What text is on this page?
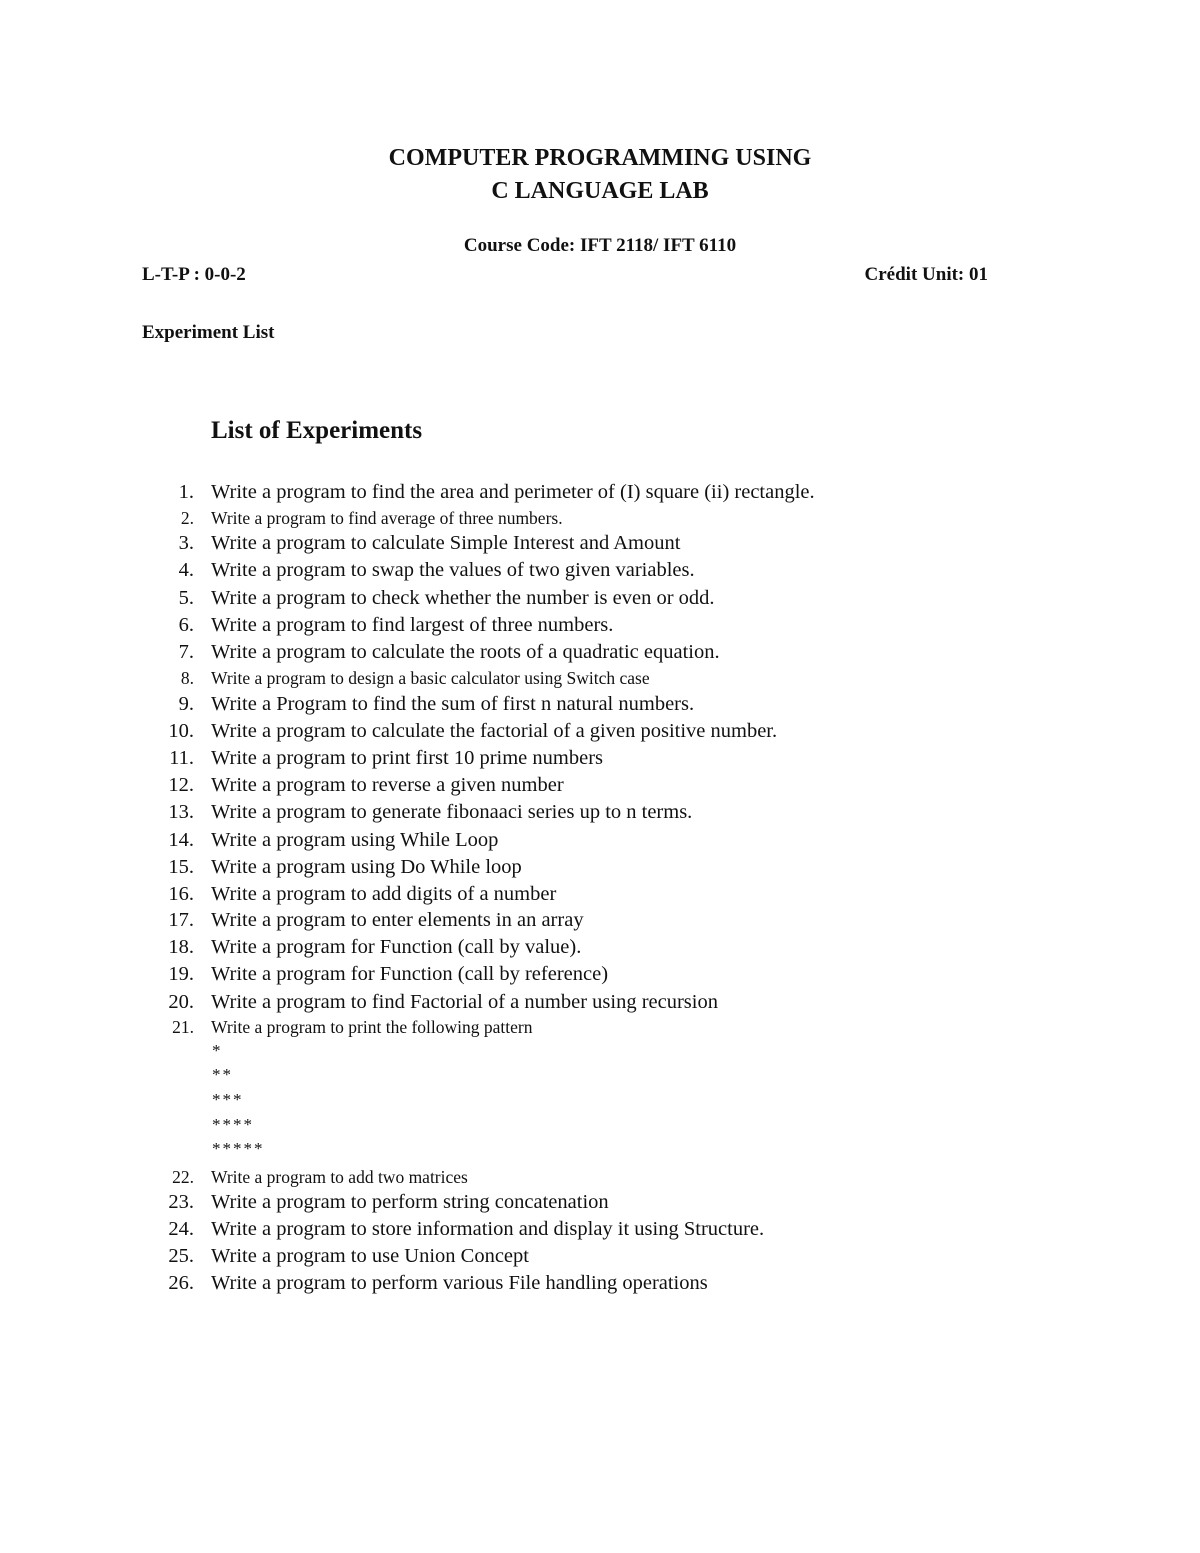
COMPUTER PROGRAMMING USING
C LANGUAGE LAB
Course Code: IFT 2118/ IFT 6110
L-T-P : 0-0-2	Crédit Unit: 01
Experiment List
List of Experiments
1. Write a program to find the area and perimeter of (I) square (ii) rectangle.
2. Write a program to find average of three numbers.
3. Write a program to calculate Simple Interest and Amount
4. Write a program to swap the values of two given variables.
5. Write a program to check whether the number is even or odd.
6. Write a program to find largest of three numbers.
7. Write a program to calculate the roots of a quadratic equation.
8. Write a program to design a basic calculator using Switch case
9. Write a Program to find the sum of first n natural numbers.
10. Write a program to calculate the factorial of a given positive number.
11. Write a program to print first 10 prime numbers
12. Write a program to reverse a given number
13. Write a program to generate fibonaaci series up to n terms.
14. Write a program using While Loop
15. Write a program using Do While loop
16. Write a program to add digits of a number
17. Write a program to enter elements in an array
18. Write a program for Function (call by value).
19. Write a program for Function (call by reference)
20. Write a program to find Factorial of a number using recursion
21. Write a program to print the following pattern
*
**
***
****
*****
22. Write a program to add two matrices
23. Write a program to perform string concatenation
24. Write a program to store information and display it using Structure.
25. Write a program to use Union Concept
26. Write a program to perform various File handling operations
